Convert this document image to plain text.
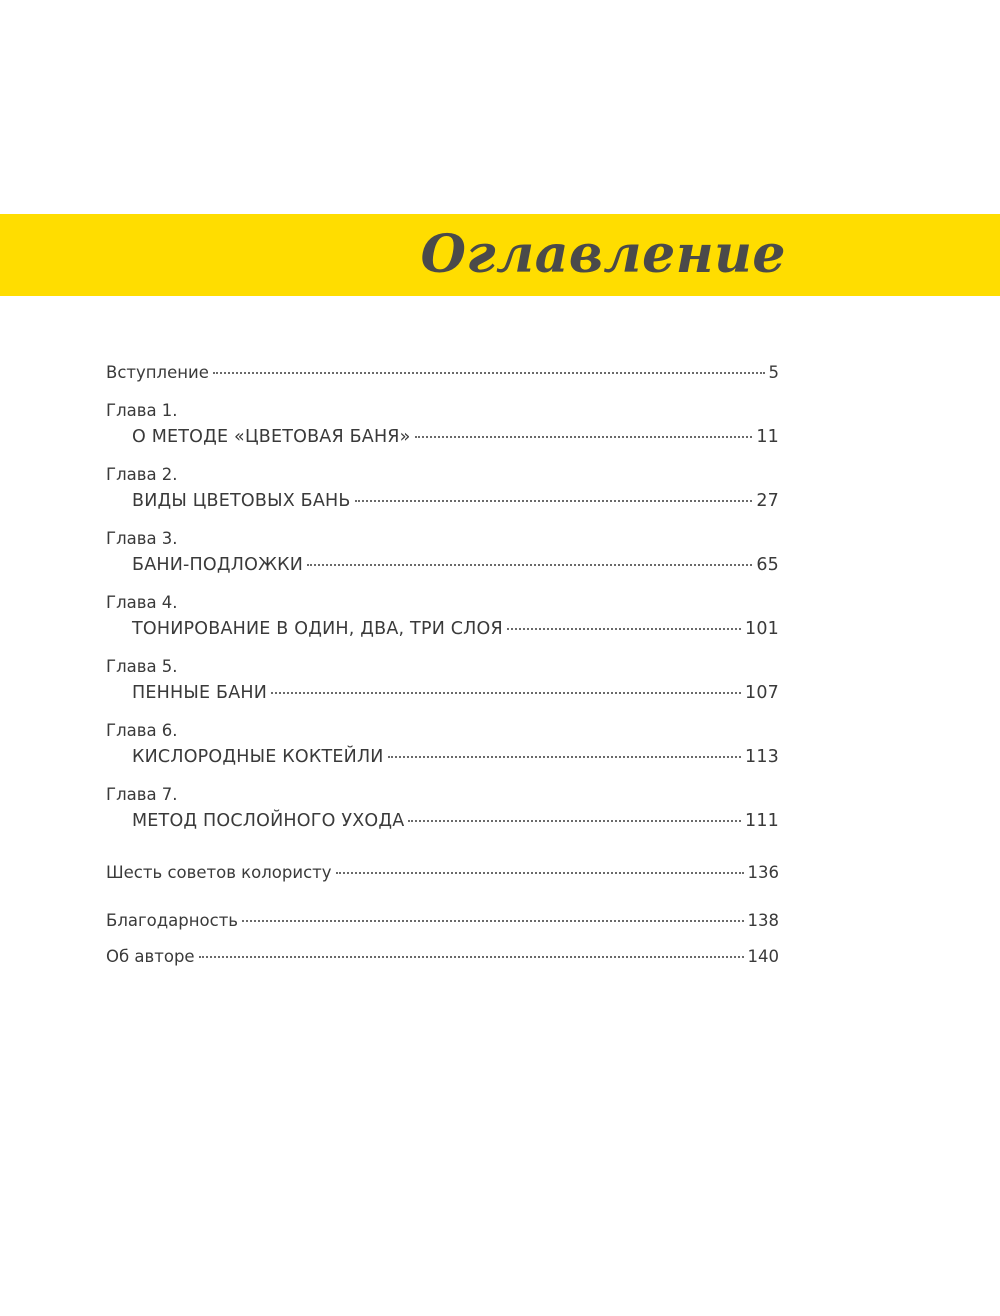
Оглавление
Вступление	5
Глава 1.
О МЕТОДЕ «ЦВЕТОВАЯ БАНЯ»	11
Глава 2.
ВИДЫ ЦВЕТОВЫХ БАНЬ	27
Глава 3.
БАНИ-ПОДЛОЖКИ	65
Глава 4.
ТОНИРОВАНИЕ В ОДИН, ДВА, ТРИ СЛОЯ	101
Глава 5.
ПЕННЫЕ БАНИ	107
Глава 6.
КИСЛОРОДНЫЕ КОКТЕЙЛИ	113
Глава 7.
МЕТОД ПОСЛОЙНОГО УХОДА	111
Шесть советов колористу	136
Благодарность	138
Об авторе	140
